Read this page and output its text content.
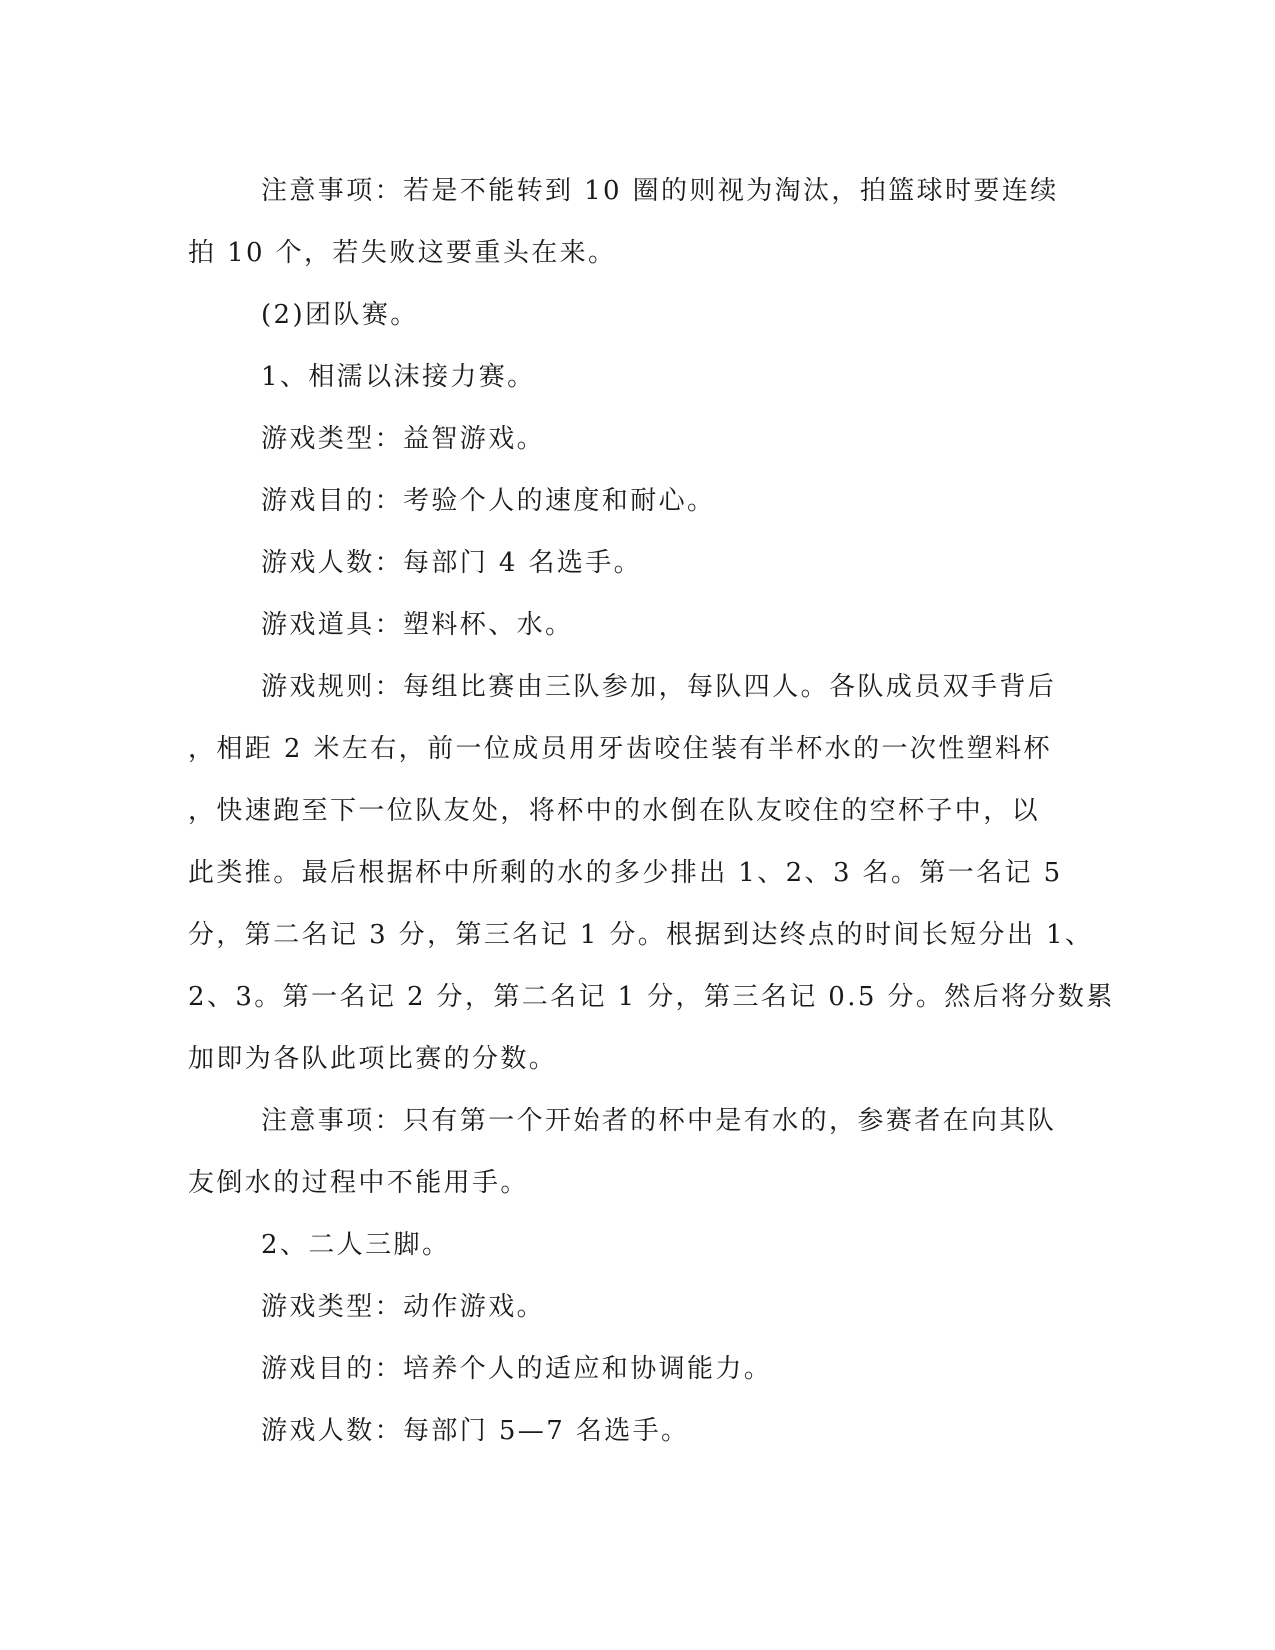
注意事项：若是不能转到 10 圈的则视为淘汰，拍篮球时要连续
拍 10 个，若失败这要重头在来。
(2)团队赛。
1、相濡以沫接力赛。
游戏类型：益智游戏。
游戏目的：考验个人的速度和耐心。
游戏人数：每部门 4 名选手。
游戏道具：塑料杯、水。
游戏规则：每组比赛由三队参加，每队四人。各队成员双手背后
，相距 2 米左右，前一位成员用牙齿咬住装有半杯水的一次性塑料杯
，快速跑至下一位队友处，将杯中的水倒在队友咬住的空杯子中，以
此类推。最后根据杯中所剩的水的多少排出 1、2、3 名。第一名记 5
分，第二名记 3 分，第三名记 1 分。根据到达终点的时间长短分出 1、
2、3。第一名记 2 分，第二名记 1 分，第三名记 0.5 分。然后将分数累
加即为各队此项比赛的分数。
注意事项：只有第一个开始者的杯中是有水的，参赛者在向其队
友倒水的过程中不能用手。
2、二人三脚。
游戏类型：动作游戏。
游戏目的：培养个人的适应和协调能力。
游戏人数：每部门 5—7 名选手。
